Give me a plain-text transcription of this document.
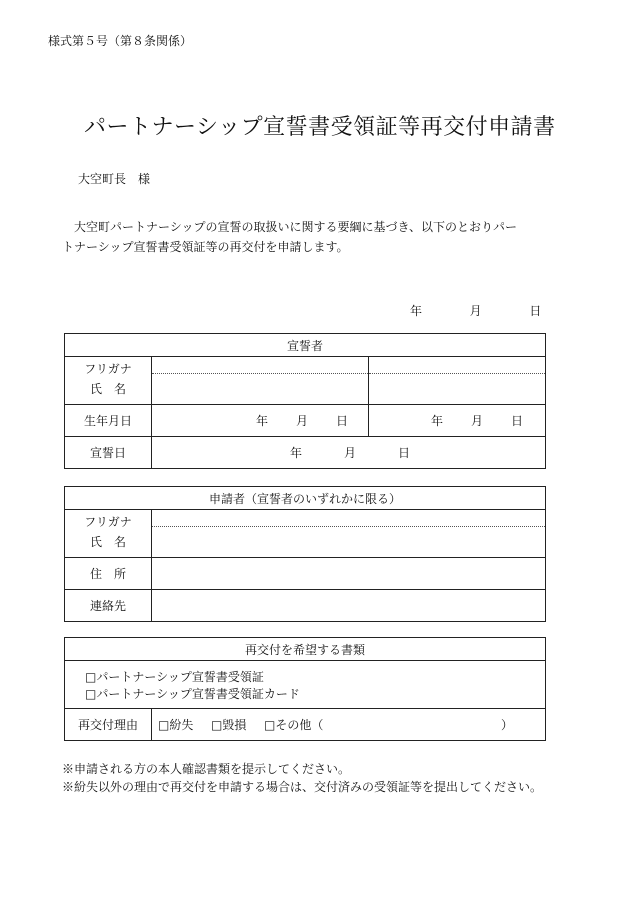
様式第５号（第８条関係）
パートナーシップ宣誓書受領証等再交付申請書
大空町長　様
　大空町パートナーシップの宣誓の取扱いに関する要綱に基づき、以下のとおりパー
トナーシップ宣誓書受領証等の再交付を申請します。
年	月	日
宣誓者		

フリガナ
氏　名		

生年月日	年 月 日	年 月 日
宣誓日	年 月 日	
申請者（宣誓者のいずれかに限る）	

フリガナ
氏　名	

住　所	
連絡先	
再交付を希望する書類

□パートナーシップ宣誓書受領証
□パートナーシップ宣誓書受領証カード

再交付理由	□紛失 □毀損 □その他（	）
※申請される方の本人確認書類を提示してください。
※紛失以外の理由で再交付を申請する場合は、交付済みの受領証等を提出してください。
